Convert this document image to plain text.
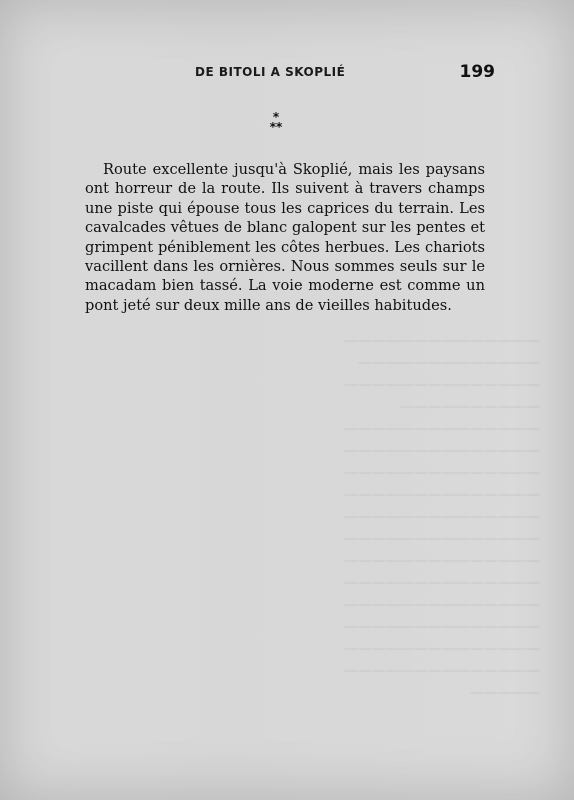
——————————————
—————————————
——————————————
——————————
——————————————
——————————————
——————————————
——————————————
——————————————
——————————————
——————————————
——————————————
——————————————
——————————————
——————————————
——————————————
—————
DE BITOLI A SKOPLIÉ	199
*
**
Route excellente jusqu'à Skoplié, mais les paysans
ont horreur de la route. Ils suivent à travers champs
une piste qui épouse tous les caprices du terrain. Les
cavalcades vêtues de blanc galopent sur les pentes et
grimpent péniblement les côtes herbues. Les chariots
vacillent dans les ornières. Nous sommes seuls sur le
macadam bien tassé. La voie moderne est comme un
pont jeté sur deux mille ans de vieilles habitudes.
